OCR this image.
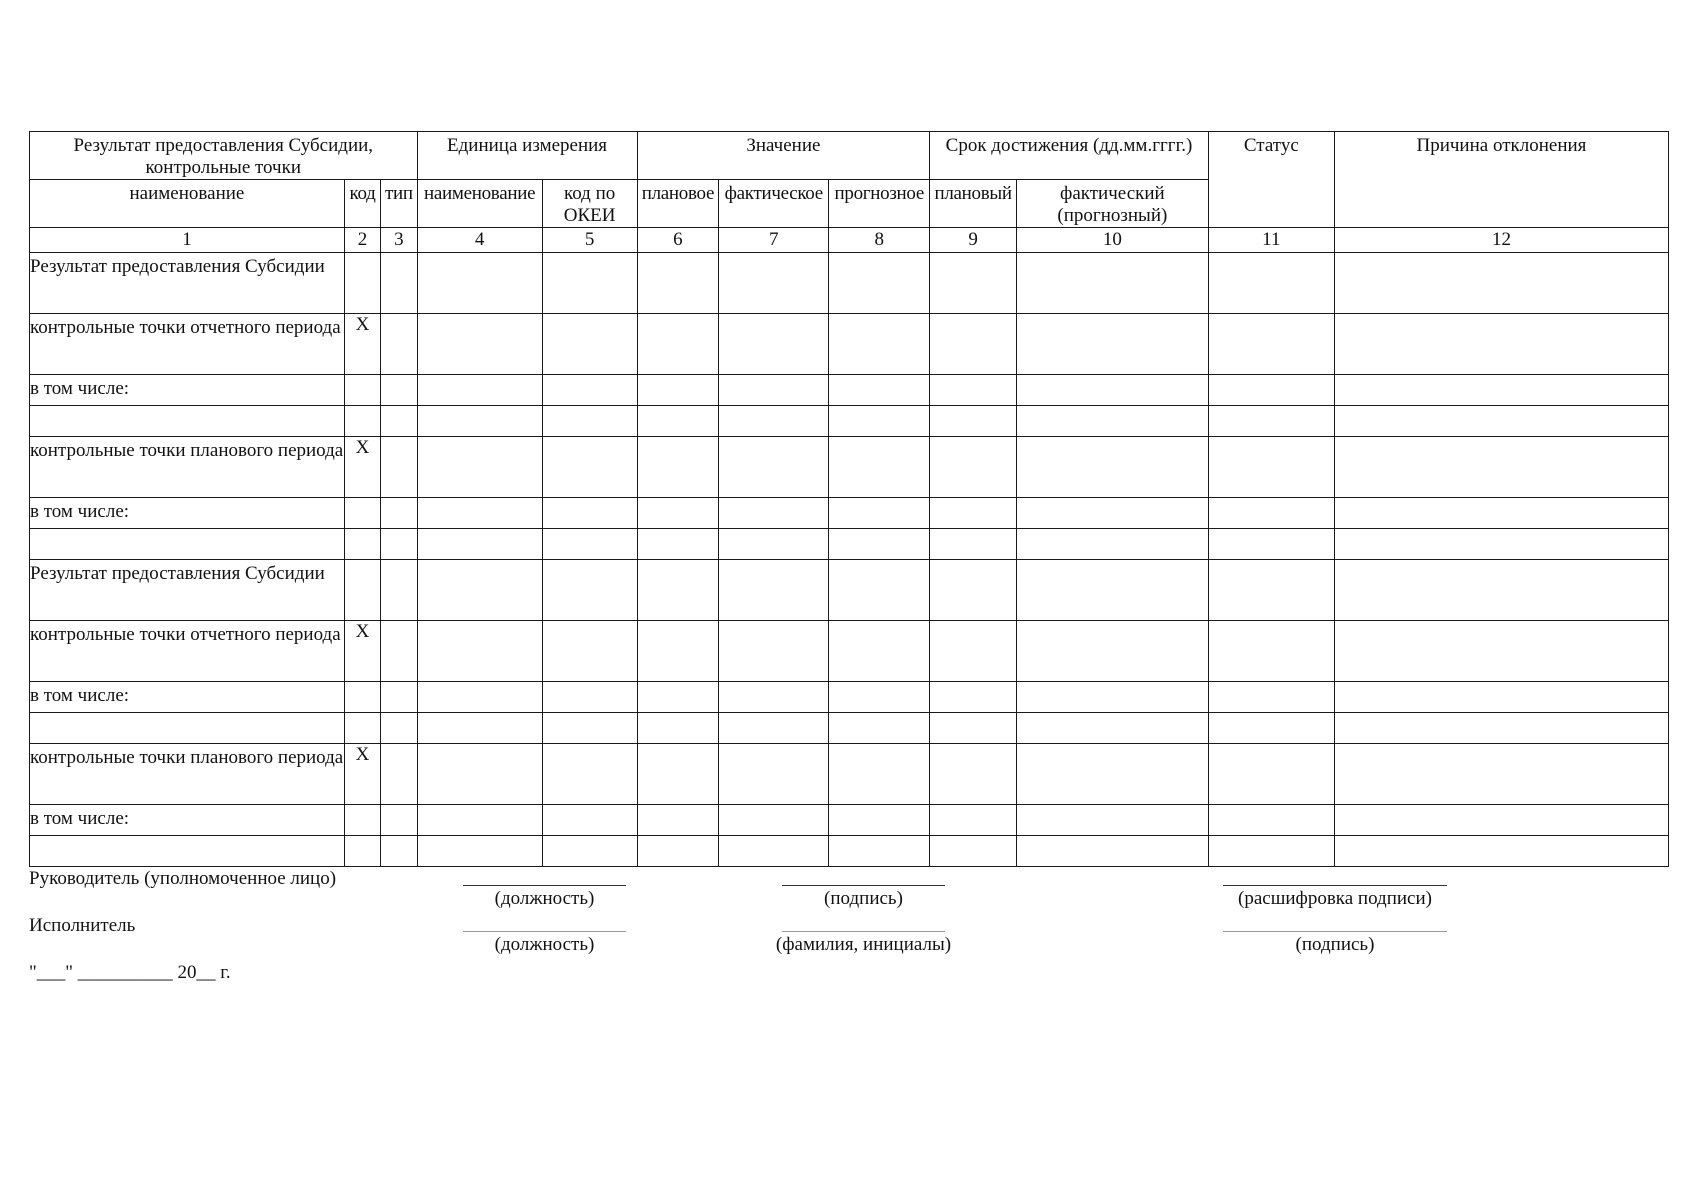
Результат предоставления Субсидии, контрольные точки			Единица измерения		Значение			Срок достижения (дд.мм.гггг.)		Статус	Причина отклонения
наименование	код	тип	наименование	код по ОКЕИ	плановое	фактическое	прогнозное	плановый	фактический (прогнозный)		
1	2	3	4	5	6	7	8	9	10	11	12
Результат предоставления Субсидии											
контрольные точки отчетного периода	X										
в том числе:											

контрольные точки планового периода	X										
в том числе:											

Результат предоставления Субсидии											
контрольные точки отчетного периода	X										
в том числе:											

контрольные точки планового периода	X										
в том числе:											

Руководитель (уполномоченное лицо)
(должность)	(подпись)	(расшифровка подписи)
Исполнитель
(должность)	(фамилия, инициалы)	(подпись)
"___" __________ 20__ г.
